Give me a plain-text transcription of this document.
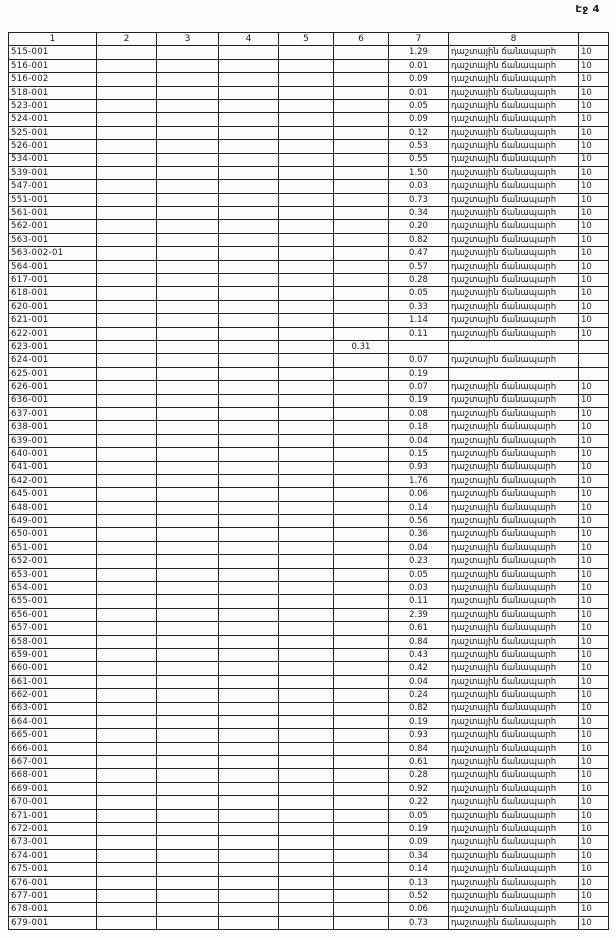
Էջ 4
1	2	3	4	5	6	7	8	
515-001						1.29	դաշտային ճանապարհ	10
516-001						0.01	դաշտային ճանապարհ	10
516-002						0.09	դաշտային ճանապարհ	10
518-001						0.01	դաշտային ճանապարհ	10
523-001						0.05	դաշտային ճանապարհ	10
524-001						0.09	դաշտային ճանապարհ	10
525-001						0.12	դաշտային ճանապարհ	10
526-001						0.53	դաշտային ճանապարհ	10
534-001						0.55	դաշտային ճանապարհ	10
539-001						1.50	դաշտային ճանապարհ	10
547-001						0.03	դաշտային ճանապարհ	10
551-001						0.73	դաշտային ճանապարհ	10
561-001						0.34	դաշտային ճանապարհ	10
562-001						0.20	դաշտային ճանապարհ	10
563-001						0.82	դաշտային ճանապարհ	10
563-002-01						0.47	դաշտային ճանապարհ	10
564-001						0.57	դաշտային ճանապարհ	10
617-001						0.28	դաշտային ճանապարհ	10
618-001						0.05	դաշտային ճանապարհ	10
620-001						0.33	դաշտային ճանապարհ	10
621-001						1.14	դաշտային ճանապարհ	10
622-001						0.11	դաշտային ճանապարհ	10
623-001					0.31			
624-001						0.07	դաշտային ճանապարհ	
625-001						0.19		
626-001						0.07	դաշտային ճանապարհ	10
636-001						0.19	դաշտային ճանապարհ	10
637-001						0.08	դաշտային ճանապարհ	10
638-001						0.18	դաշտային ճանապարհ	10
639-001						0.04	դաշտային ճանապարհ	10
640-001						0.15	դաշտային ճանապարհ	10
641-001						0.93	դաշտային ճանապարհ	10
642-001						1.76	դաշտային ճանապարհ	10
645-001						0.06	դաշտային ճանապարհ	10
648-001						0.14	դաշտային ճանապարհ	10
649-001						0.56	դաշտային ճանապարհ	10
650-001						0.36	դաշտային ճանապարհ	10
651-001						0.04	դաշտային ճանապարհ	10
652-001						0.23	դաշտային ճանապարհ	10
653-001						0.05	դաշտային ճանապարհ	10
654-001						0.03	դաշտային ճանապարհ	10
655-001						0.11	դաշտային ճանապարհ	10
656-001						2.39	դաշտային ճանապարհ	10
657-001						0.61	դաշտային ճանապարհ	10
658-001						0.84	դաշտային ճանապարհ	10
659-001						0.43	դաշտային ճանապարհ	10
660-001						0.42	դաշտային ճանապարհ	10
661-001						0.04	դաշտային ճանապարհ	10
662-001						0.24	դաշտային ճանապարհ	10
663-001						0.82	դաշտային ճանապարհ	10
664-001						0.19	դաշտային ճանապարհ	10
665-001						0.93	դաշտային ճանապարհ	10
666-001						0.84	դաշտային ճանապարհ	10
667-001						0.61	դաշտային ճանապարհ	10
668-001						0.28	դաշտային ճանապարհ	10
669-001						0.92	դաշտային ճանապարհ	10
670-001						0.22	դաշտային ճանապարհ	10
671-001						0.05	դաշտային ճանապարհ	10
672-001						0.19	դաշտային ճանապարհ	10
673-001						0.09	դաշտային ճանապարհ	10
674-001						0.34	դաշտային ճանապարհ	10
675-001						0.14	դաշտային ճանապարհ	10
676-001						0.13	դաշտային ճանապարհ	10
677-001						0.52	դաշտային ճանապարհ	10
678-001						0.06	դաշտային ճանապարհ	10
679-001						0.73	դաշտային ճանապարհ	10
